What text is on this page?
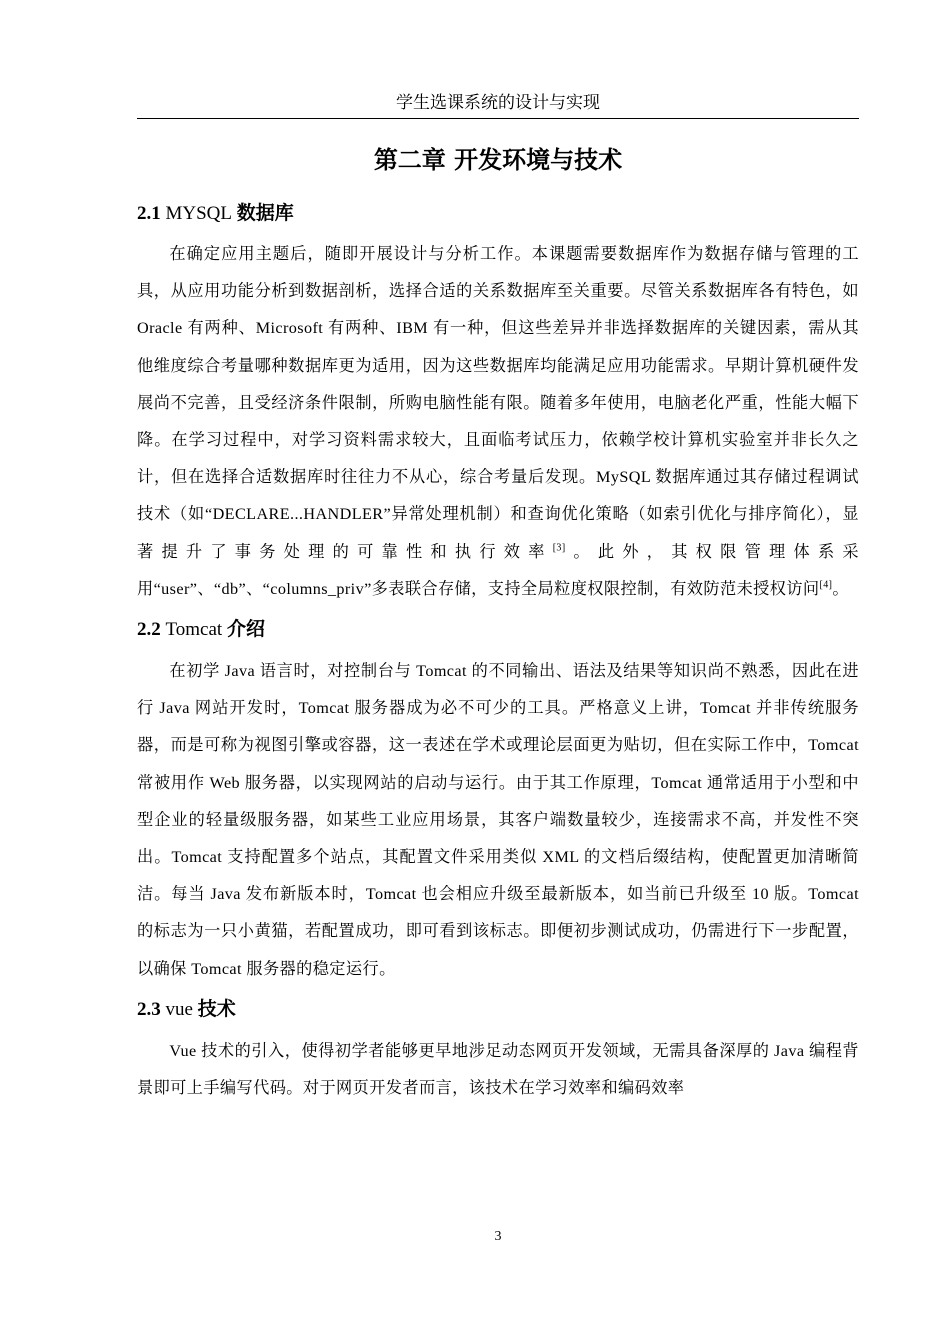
学生选课系统的设计与实现
第二章 开发环境与技术
2.1 MYSQL 数据库

在确定应用主题后，随即开展设计与分析工作。本课题需要数据库作为数据存储与管理的工具，从应用功能分析到数据剖析，选择合适的关系数据库至关重要。尽管关系数据库各有特色，如 Oracle 有两种、Microsoft 有两种、IBM 有一种，但这些差异并非选择数据库的关键因素，需从其他维度综合考量哪种数据库更为适用，因为这些数据库均能满足应用功能需求。早期计算机硬件发展尚不完善，且受经济条件限制，所购电脑性能有限。随着多年使用，电脑老化严重，性能大幅下降。在学习过程中，对学习资料需求较大，且面临考试压力，依赖学校计算机实验室并非长久之计，但在选择合适数据库时往往力不从心，综合考量后发现。MySQL 数据库通过其存储过程调试技术（如“DECLARE...HANDLER”异常处理机制）和查询优化策略（如索引优化与排序简化），显著提升了事务处理的可靠性和执行效率[3]。此外，其权限管理体系采用“user”、“db”、“columns_priv”多表联合存储，支持全局粒度权限控制，有效防范未授权访问[4]。

2.2 Tomcat 介绍

在初学 Java 语言时，对控制台与 Tomcat 的不同输出、语法及结果等知识尚不熟悉，因此在进行 Java 网站开发时，Tomcat 服务器成为必不可少的工具。严格意义上讲，Tomcat 并非传统服务器，而是可称为视图引擎或容器，这一表述在学术或理论层面更为贴切，但在实际工作中，Tomcat 常被用作 Web 服务器，以实现网站的启动与运行。由于其工作原理，Tomcat 通常适用于小型和中型企业的轻量级服务器，如某些工业应用场景，其客户端数量较少，连接需求不高，并发性不突出。Tomcat 支持配置多个站点，其配置文件采用类似 XML 的文档后缀结构，使配置更加清晰简洁。每当 Java 发布新版本时，Tomcat 也会相应升级至最新版本，如当前已升级至 10 版。Tomcat 的标志为一只小黄猫，若配置成功，即可看到该标志。即便初步测试成功，仍需进行下一步配置，以确保 Tomcat 服务器的稳定运行。

2.3 vue 技术

Vue 技术的引入，使得初学者能够更早地涉足动态网页开发领域，无需具备深厚的 Java 编程背景即可上手编写代码。对于网页开发者而言，该技术在学习效率和编码效率

3
